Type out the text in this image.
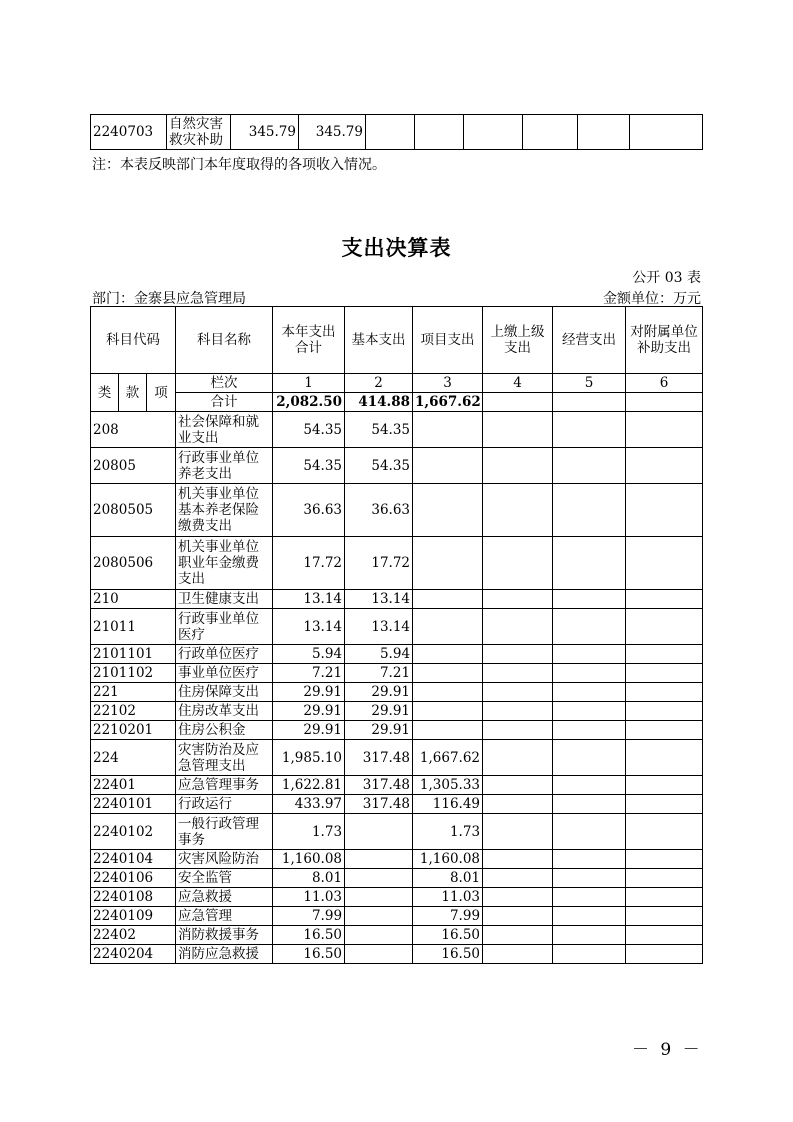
2240703	自然灾害救灾补助	345.79	345.79						
注：本表反映部门本年度取得的各项收入情况。
支出决算表
公开 03 表
部门：金寨县应急管理局	金额单位：万元
科目代码			科目名称	本年支出合计	基本支出	项目支出	上缴上级支出	经营支出	对附属单位补助支出
类	款	项	栏次	1	2	3	4	5	6
			合计	2,082.50	414.88	1,667.62			
208			社会保障和就业支出	54.35	54.35				
20805			行政事业单位养老支出	54.35	54.35				
2080505			机关事业单位基本养老保险缴费支出	36.63	36.63				
2080506			机关事业单位职业年金缴费支出	17.72	17.72				
210			卫生健康支出	13.14	13.14				
21011			行政事业单位医疗	13.14	13.14				
2101101			行政单位医疗	5.94	5.94				
2101102			事业单位医疗	7.21	7.21				
221			住房保障支出	29.91	29.91				
22102			住房改革支出	29.91	29.91				
2210201			住房公积金	29.91	29.91				
224			灾害防治及应急管理支出	1,985.10	317.48	1,667.62			
22401			应急管理事务	1,622.81	317.48	1,305.33			
2240101			行政运行	433.97	317.48	116.49			
2240102			一般行政管理事务	1.73		1.73			
2240104			灾害风险防治	1,160.08		1,160.08			
2240106			安全监管	8.01		8.01			
2240108			应急救援	11.03		11.03			
2240109			应急管理	7.99		7.99			
22402			消防救援事务	16.50		16.50			
2240204			消防应急救援	16.50		16.50			
－ 9 －
